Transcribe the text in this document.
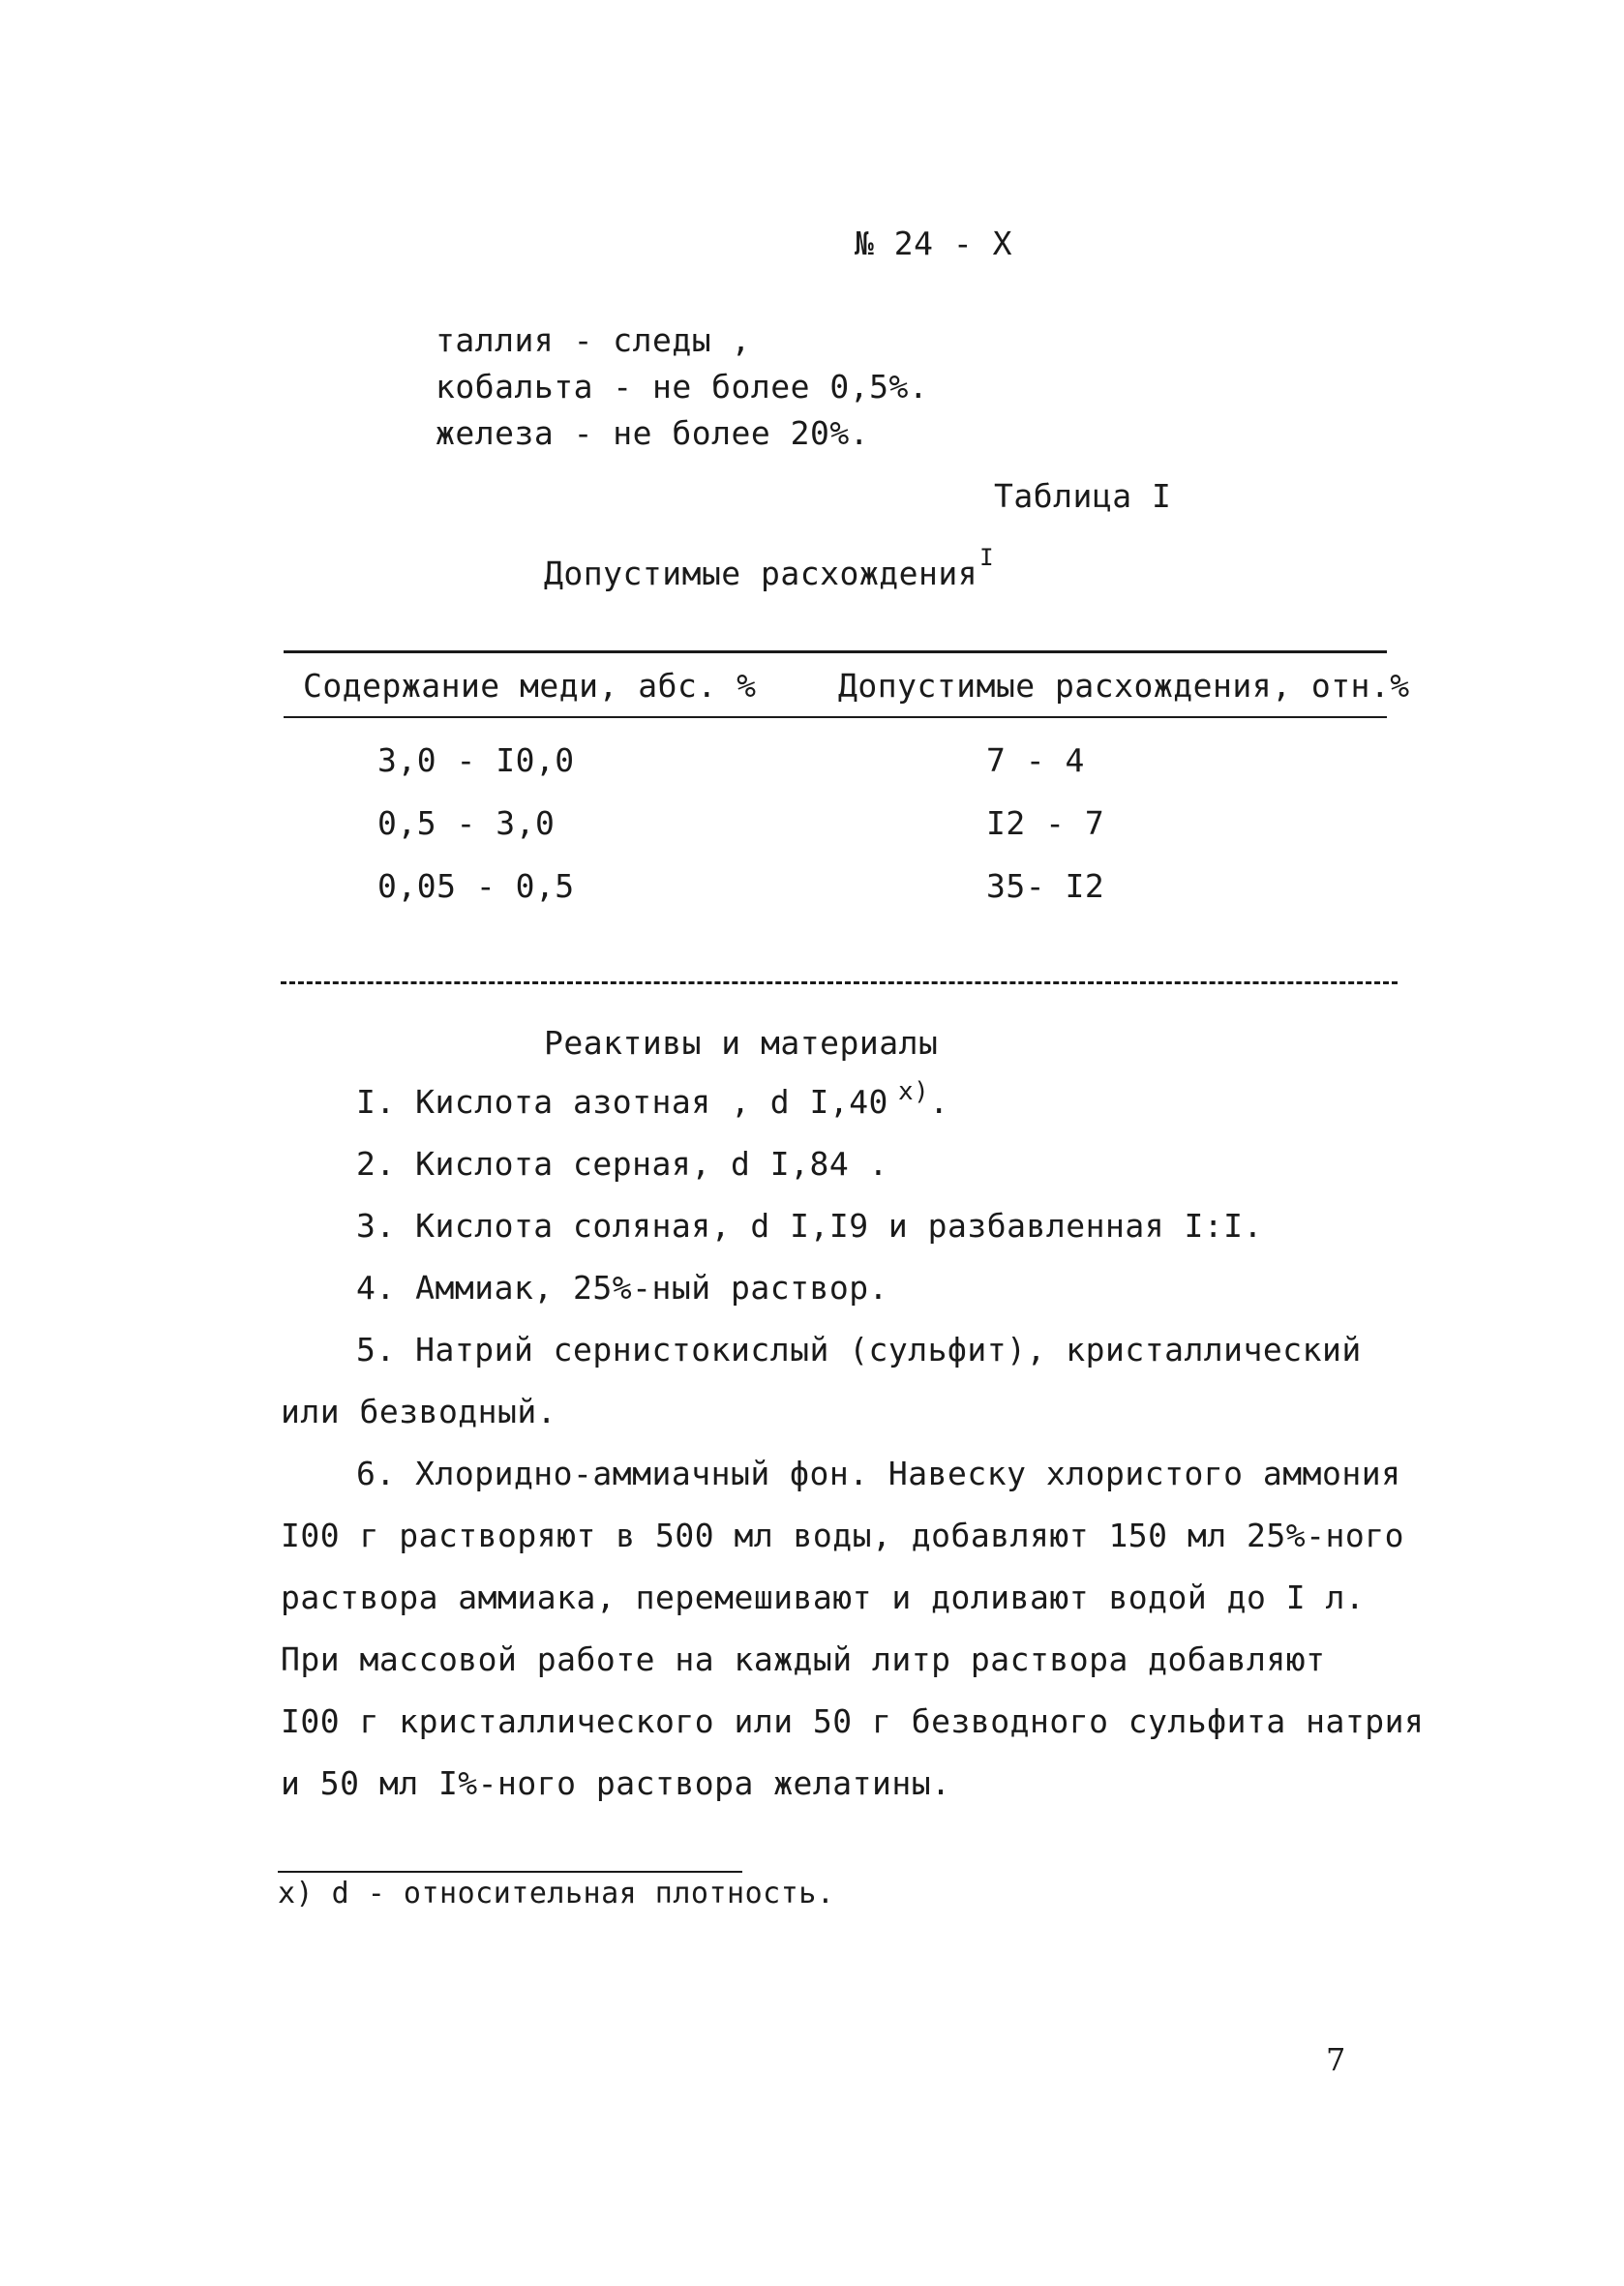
№ 24 - X
таллия - следы ,
кобальта - не более 0,5%.
железа - не более 20%.
Таблица I
Допустимые расхождения$^I$
Содержание меди, абс. %	Допустимые расхождения, отн.%
3,0 - I0,0	7 - 4
0,5 - 3,0	I2 - 7
0,05 - 0,5	35- I2
Реактивы и материалы
I. Кислота азотная , d I,40 $^{x)}$.
2. Кислота серная, d I,84 .
3. Кислота соляная, d I,I9 и разбавленная I:I.
4. Аммиак, 25%-ный раствор.
5. Натрий сернистокислый (сульфит), кристаллический
или безводный.
6. Хлоридно-аммиачный фон. Навеску хлористого аммония
I00 г растворяют в 500 мл воды, добавляют 150 мл 25%-ного
раствора аммиака, перемешивают и доливают водой до I л.
При массовой работе на каждый литр раствора добавляют
I00 г кристаллического или 50 г безводного сульфита натрия
и 50 мл I%-ного раствора желатины.
x) d - относительная плотность.
7
